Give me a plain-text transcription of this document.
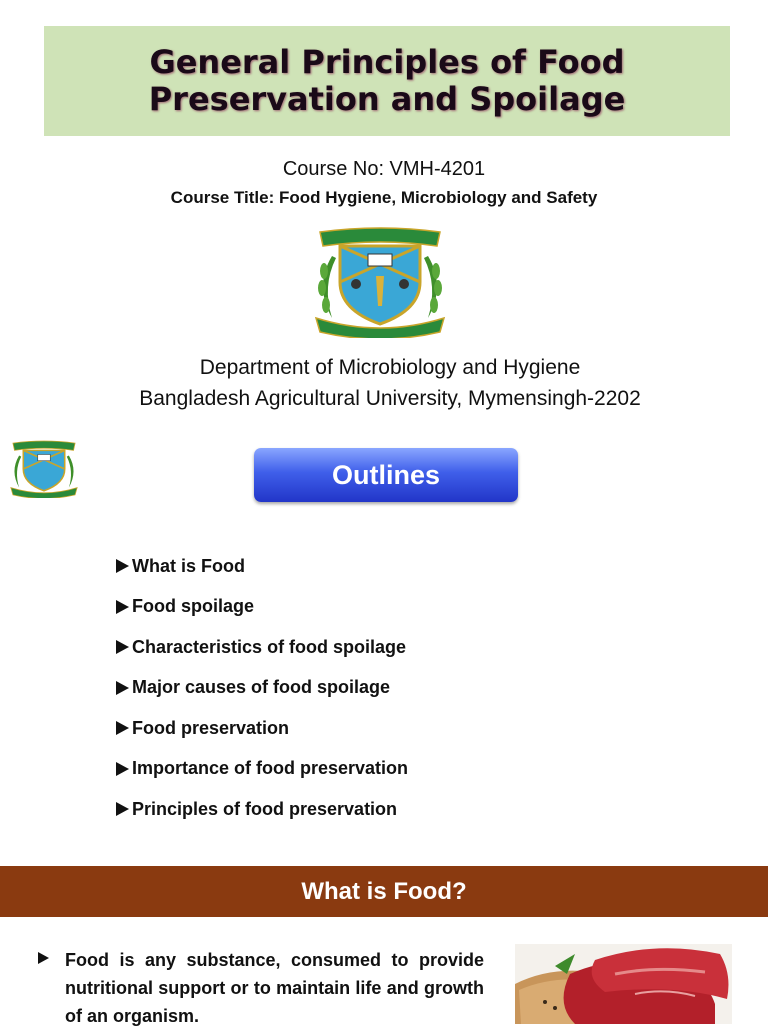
General Principles of Food
Preservation and Spoilage
Course No: VMH-4201
Course Title: Food Hygiene, Microbiology and Safety
Department of Microbiology and Hygiene
Bangladesh Agricultural University, Mymensingh-2202
Outlines
What is Food
Food spoilage
Characteristics of food spoilage
Major causes of food spoilage
Food preservation
Importance of food preservation
Principles of food preservation
What is Food?

Food is any substance, consumed to provide nutritional support or to maintain life and growth of an organism.
